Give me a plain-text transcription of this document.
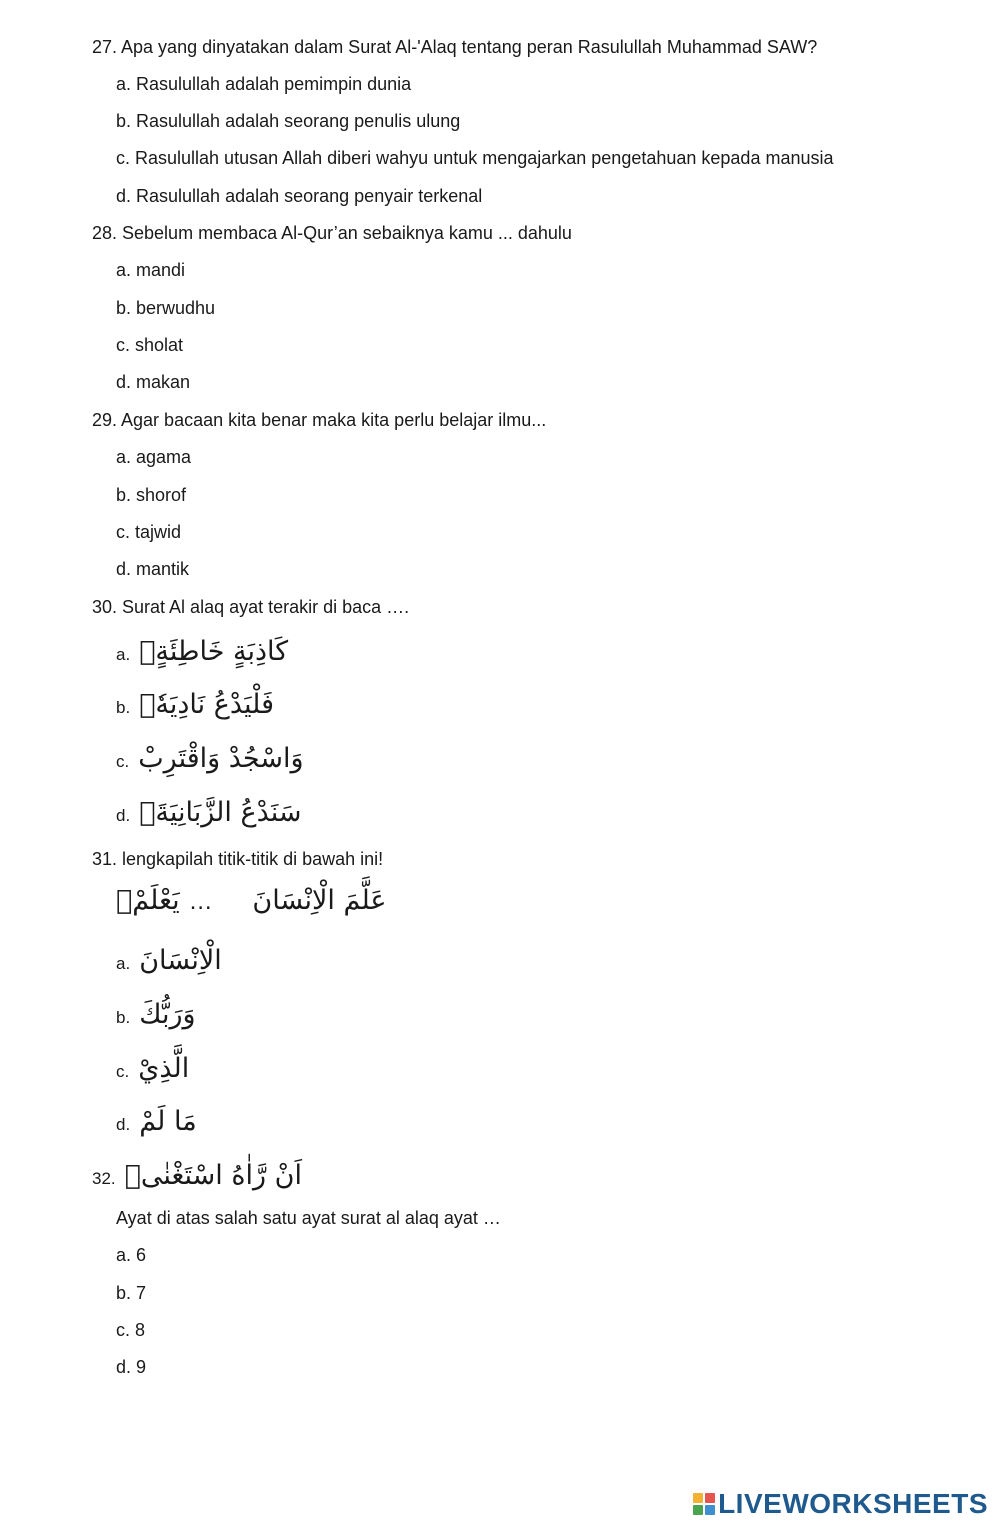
27. Apa yang dinyatakan dalam Surat Al-'Alaq tentang peran Rasulullah Muhammad SAW?
a. Rasulullah adalah pemimpin dunia
b. Rasulullah adalah seorang penulis ulung
c. Rasulullah utusan Allah diberi wahyu untuk mengajarkan pengetahuan kepada manusia
d. Rasulullah adalah seorang penyair terkenal
28. Sebelum membaca Al-Qur’an sebaiknya kamu ... dahulu
a. mandi
b. berwudhu
c. sholat
d. makan
29. Agar bacaan kita benar maka kita perlu belajar ilmu...
a. agama
b. shorof
c. tajwid
d. mantik
30. Surat Al alaq ayat terakir di baca ….
a. كَاذِبَةٍ خَاطِئَةٍۚ
b. فَلْيَدْعُ نَادِيَهٗۙ
c. وَاسْجُدْ وَاقْتَرِبْ
d. سَنَدْعُ الزَّبَانِيَةَۙ
31. lengkapilah titik-titik di bawah ini!
يَعْلَمْۗ … عَلَّمَ الْاِنْسَانَ
a. الْاِنْسَانَ
b. وَرَبُّكَ
c. الَّذِيْ
d. مَا لَمْ
32. اَنْ رَّاٰهُ اسْتَغْنٰىۗ
Ayat di atas salah satu ayat surat al alaq ayat …
a. 6
b. 7
c. 8
d. 9
LIVEWORKSHEETS
